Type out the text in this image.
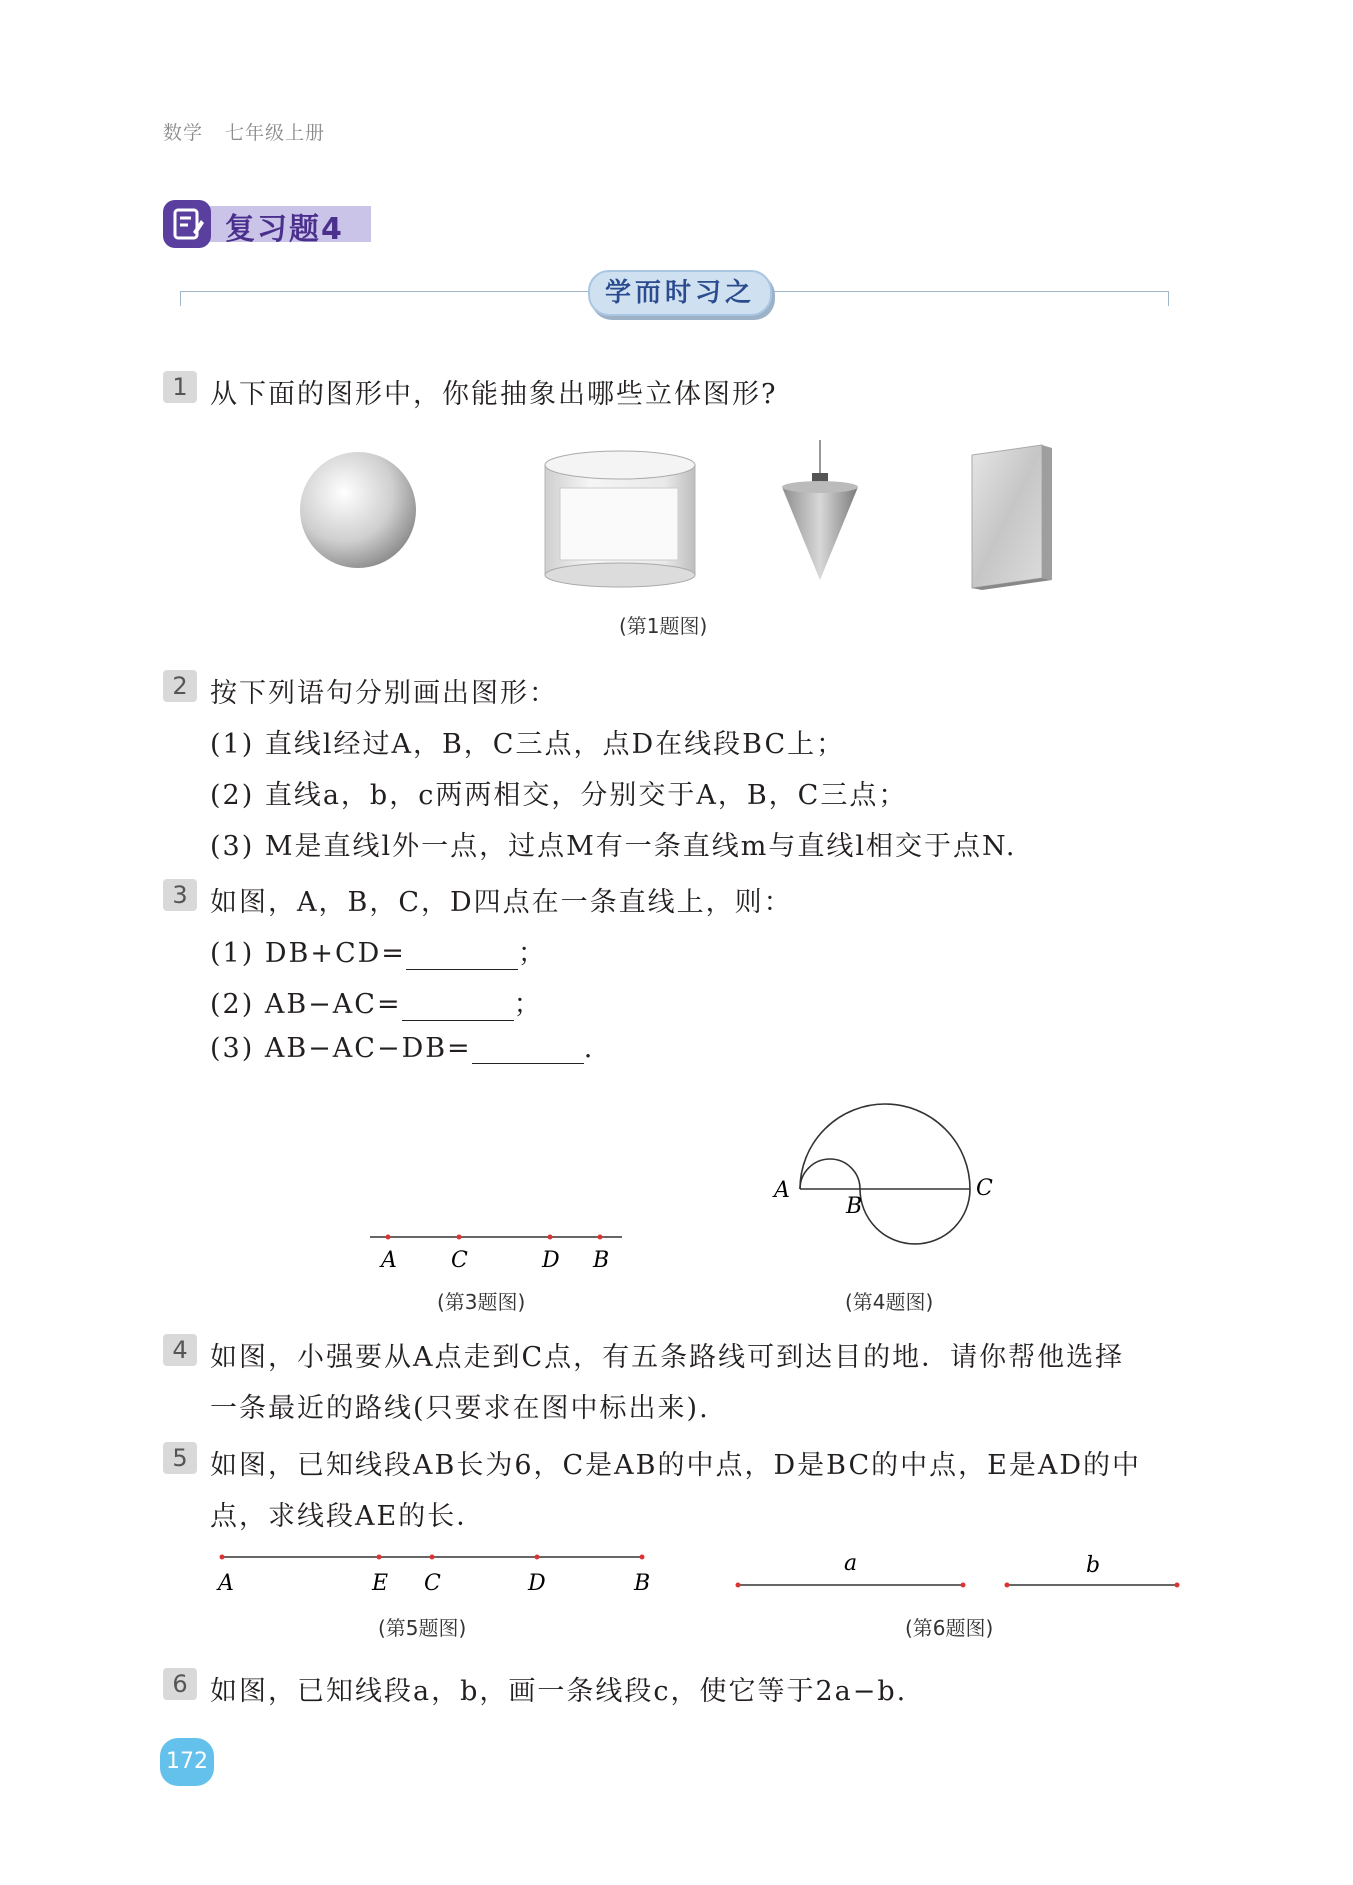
数学 七年级上册
复习题4
学而时习之
1 从下面的图形中，你能抽象出哪些立体图形?
(第1题图)
2 按下列语句分别画出图形：
(1) 直线l经过A，B，C三点，点D在线段BC上；
(2) 直线a，b，c两两相交，分别交于A，B，C三点；
(3) M是直线l外一点，过点M有一条直线m与直线l相交于点N.
3 如图，A，B，C，D四点在一条直线上，则：
(1) DB+CD=	；
(2) AB−AC=	；
(3) AB−AC−DB=	.
A C	D B
(第3题图)
A
B
C
(第4题图)
4 如图，小强要从A点走到C点，有五条路线可到达目的地．请你帮他选择
一条最近的路线(只要求在图中标出来).
5 如图，已知线段AB长为6，C是AB的中点，D是BC的中点，E是AD的中
点，求线段AE的长．
A	E C	D	B
(第5题图)
a	b
(第6题图)
6 如图，已知线段a，b，画一条线段c，使它等于2a−b.
172
